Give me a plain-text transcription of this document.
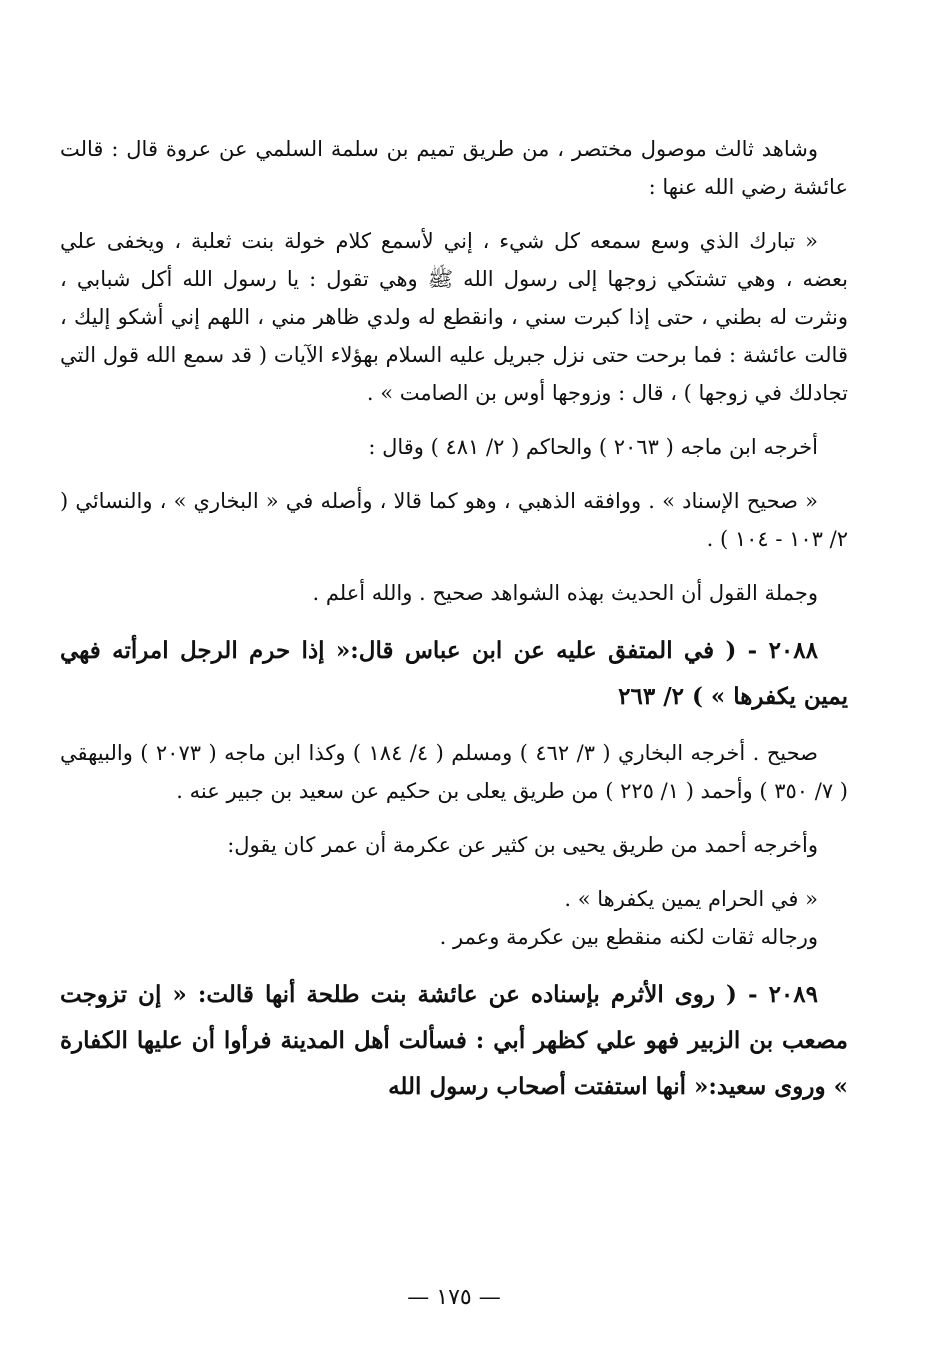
وشاهد ثالث موصول مختصر ، من طريق تميم بن سلمة السلمي عن عروة قال : قالت عائشة رضي الله عنها :

« تبارك الذي وسع سمعه كل شيء ، إني لأسمع كلام خولة بنت ثعلبة ، ويخفى علي بعضه ، وهي تشتكي زوجها إلى رسول الله ﷺ وهي تقول : يا رسول الله أكل شبابي ، ونثرت له بطني ، حتى إذا كبرت سني ، وانقطع له ولدي ظاهر مني ، اللهم إني أشكو إليك ، قالت عائشة : فما برحت حتى نزل جبريل عليه السلام بهؤلاء الآيات ( قد سمع الله قول التي تجادلك في زوجها ) ، قال : وزوجها أوس بن الصامت » .

أخرجه ابن ماجه ( ٢٠٦٣ ) والحاكم ( ٢/ ٤٨١ ) وقال :

« صحيح الإسناد » . ووافقه الذهبي ، وهو كما قالا ، وأصله في « البخاري » ، والنسائي ( ٢/ ١٠٣ - ١٠٤ ) .

وجملة القول أن الحديث بهذه الشواهد صحيح . والله أعلم .

٢٠٨٨ - ( في المتفق عليه عن ابن عباس قال:« إذا حرم الرجل امرأته فهي يمين يكفرها » ) ٢/ ٢٦٣

صحيح . أخرجه البخاري ( ٣/ ٤٦٢ ) ومسلم ( ٤/ ١٨٤ ) وكذا ابن ماجه ( ٢٠٧٣ ) والبيهقي ( ٧/ ٣٥٠ ) وأحمد ( ١/ ٢٢٥ ) من طريق يعلى بن حكيم عن سعيد بن جبير عنه .

وأخرجه أحمد من طريق يحيى بن كثير عن عكرمة أن عمر كان يقول:

« في الحرام يمين يكفرها » .
ورجاله ثقات لكنه منقطع بين عكرمة وعمر .

٢٠٨٩ - ( روى الأثرم بإسناده عن عائشة بنت طلحة أنها قالت: « إن تزوجت مصعب بن الزبير فهو علي كظهر أبي : فسألت أهل المدينة فرأوا أن عليها الكفارة » وروى سعيد:« أنها استفتت أصحاب رسول الله

— ١٧٥ —
